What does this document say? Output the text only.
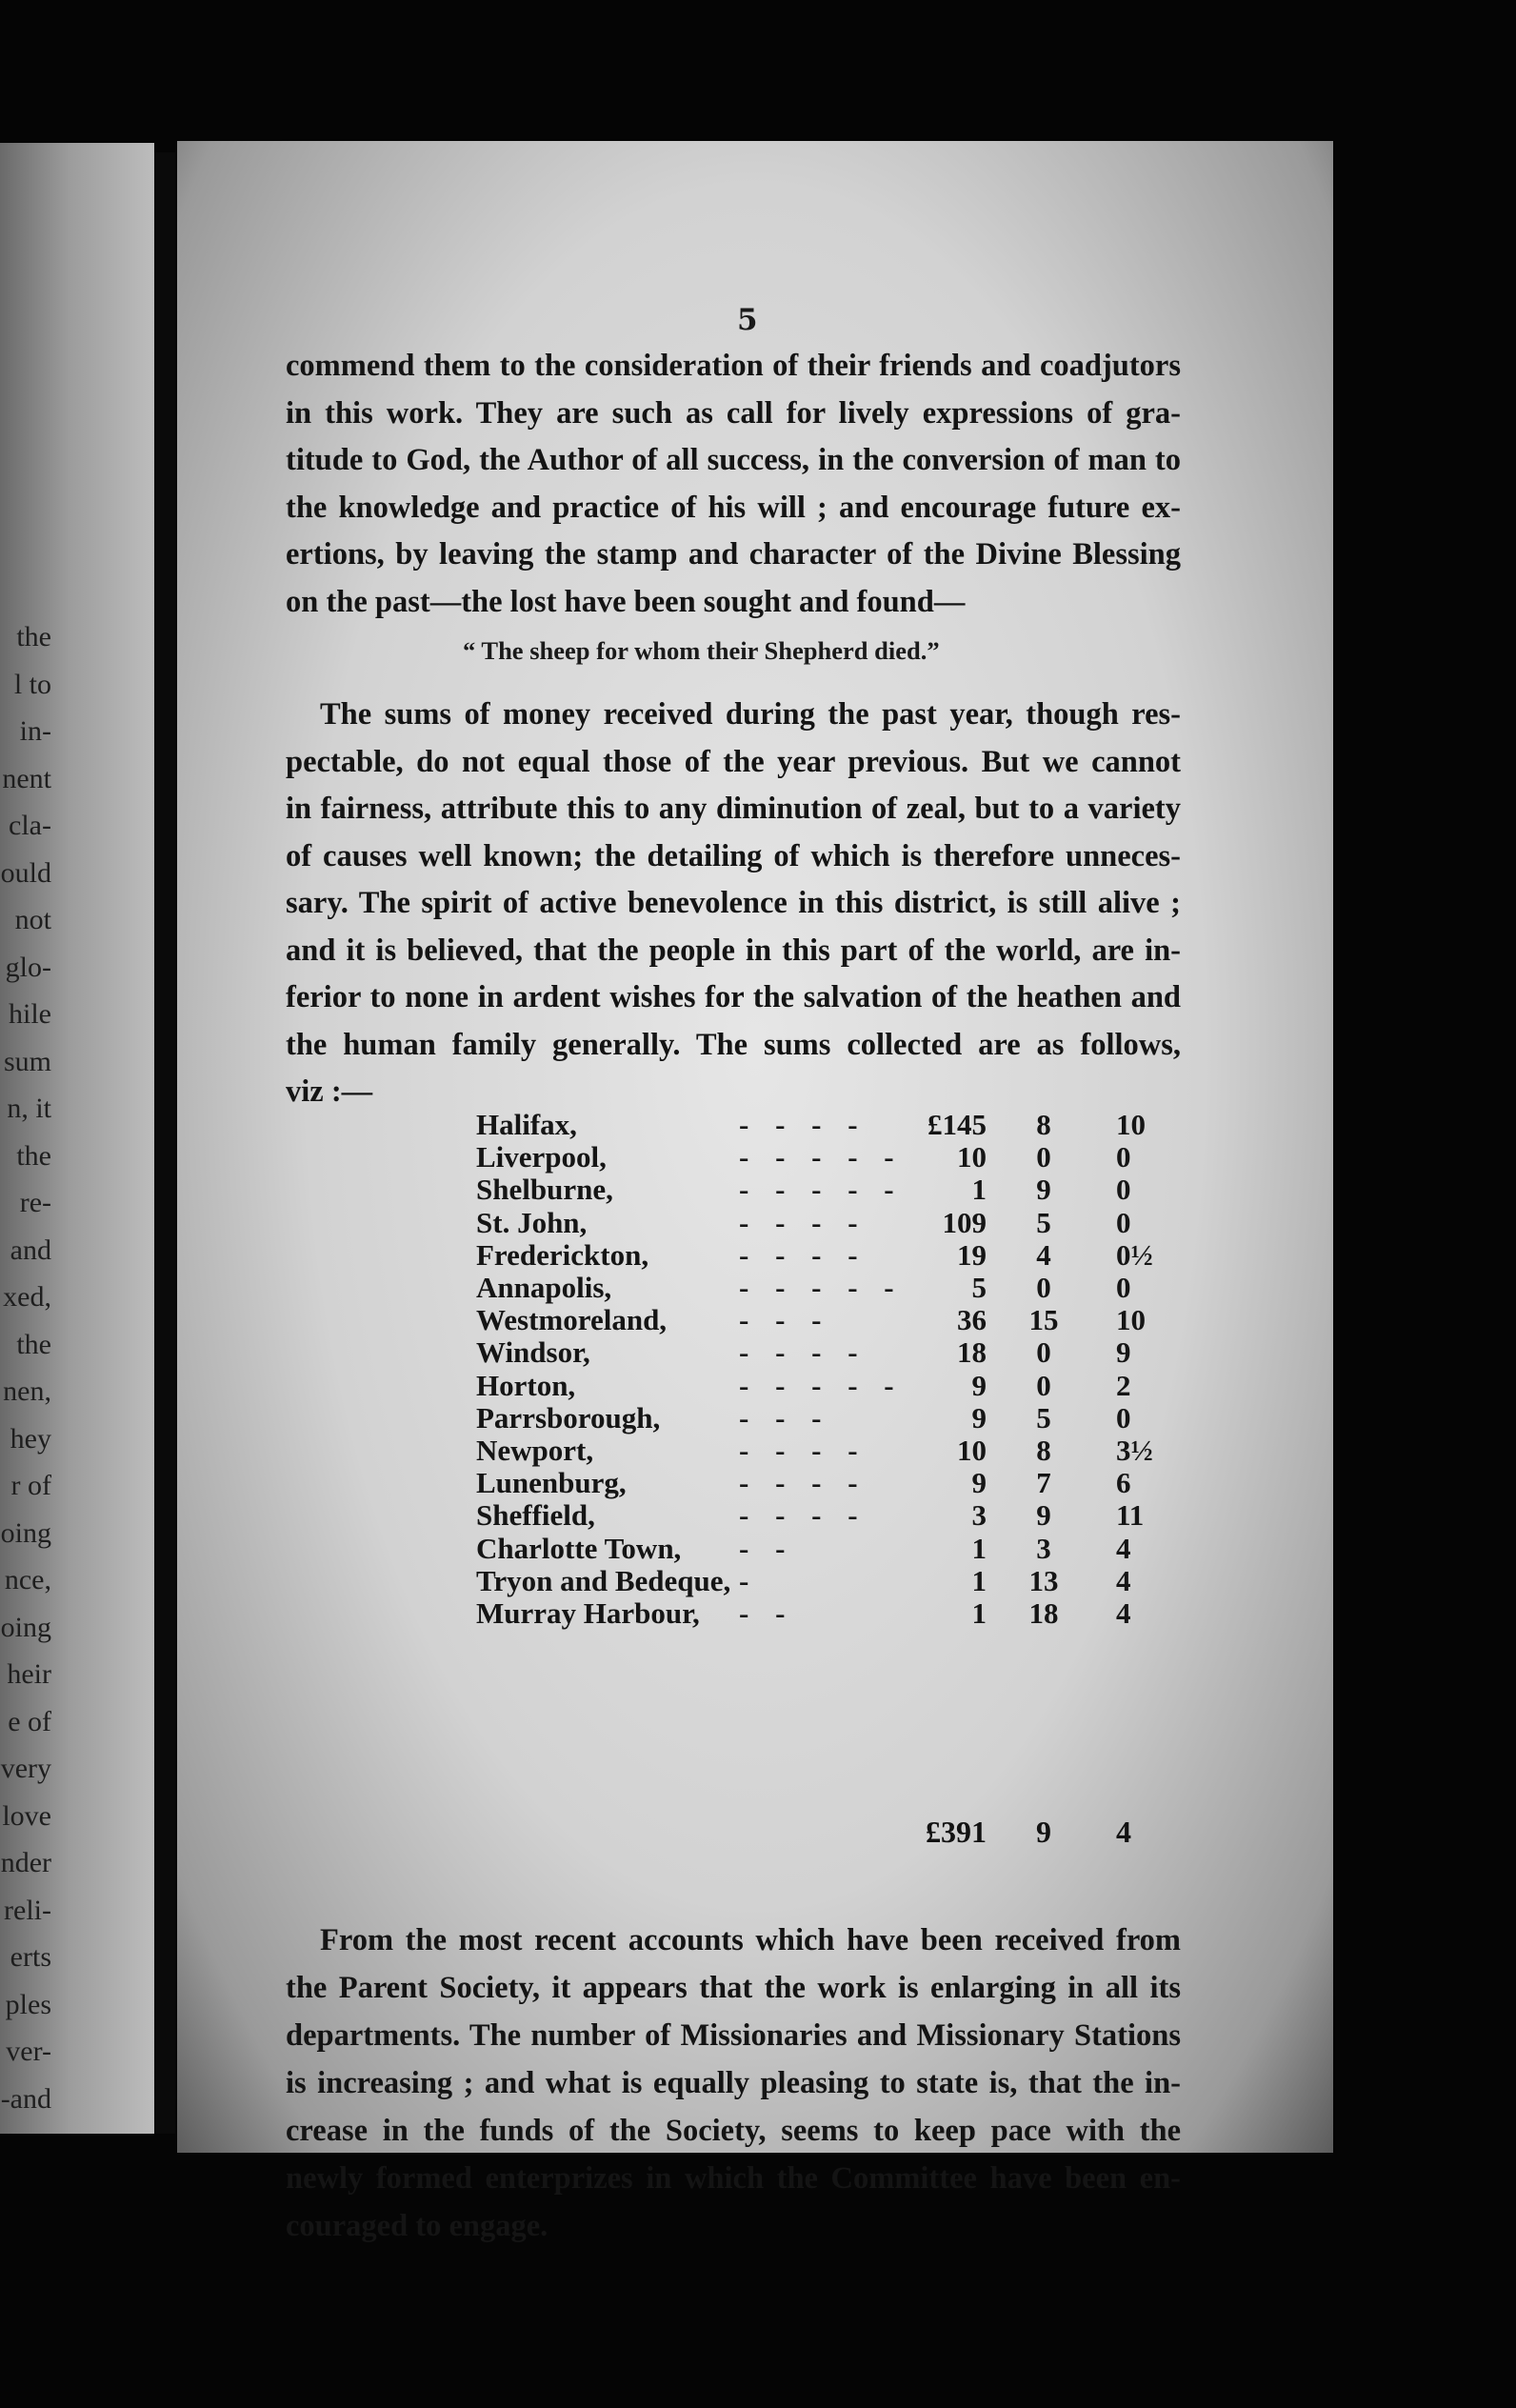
the
l to
in-
nent
cla-
ould
not
glo-
hile
sum
n, it
the
re-
and
xed,
the
nen,
hey
r of
oing
nce,
oing
heir
e of
very
love
nder
reli-
erts
ples
ver-
-and
5
commend them to the consideration of their friends and coadjutors
in this work. They are such as call for lively expressions of gra-
titude to God, the Author of all success, in the conversion of man to
the knowledge and practice of his will ; and encourage future ex-
ertions, by leaving the stamp and character of the Divine Blessing
on the past—the lost have been sought and found—
“ The sheep for whom their Shepherd died.”
The sums of money received during the past year, though res-
pectable, do not equal those of the year previous. But we cannot
in fairness, attribute this to any diminution of zeal, but to a variety
of causes well known; the detailing of which is therefore unneces-
sary. The spirit of active benevolence in this district, is still alive ;
and it is believed, that the people in this part of the world, are in-
ferior to none in ardent wishes for the salvation of the heathen and
the human family generally. The sums collected are as follows,
viz :—
Halifax,	- - - -	£145	8	10
Liverpool,	- - - - -	10	0	0
Shelburne,	- - - - -	1	9	0
St. John,	- - - -	109	5	0
Frederickton,	- - - -	19	4	0½
Annapolis,	- - - - -	5	0	0
Westmoreland, - - -	36	15	10
Windsor,	- - - -	18	0	9
Horton,	- - - - -	9	0	2
Parrsborough,	- - -	9	5	0
Newport,	- - - -	10	8	3½
Lunenburg,	- - - -	9	7	6
Sheffield,	- - - -	3	9	11
Charlotte Town, - -	1	3	4
Tryon and Bedeque, -	1	13	4
Murray Harbour, - -	1	18	4
£391	9	4
From the most recent accounts which have been received from
the Parent Society, it appears that the work is enlarging in all its
departments. The number of Missionaries and Missionary Stations
is increasing ; and what is equally pleasing to state is, that the in-
crease in the funds of the Society, seems to keep pace with the
newly formed enterprizes in which the Committee have been en-
couraged to engage.
